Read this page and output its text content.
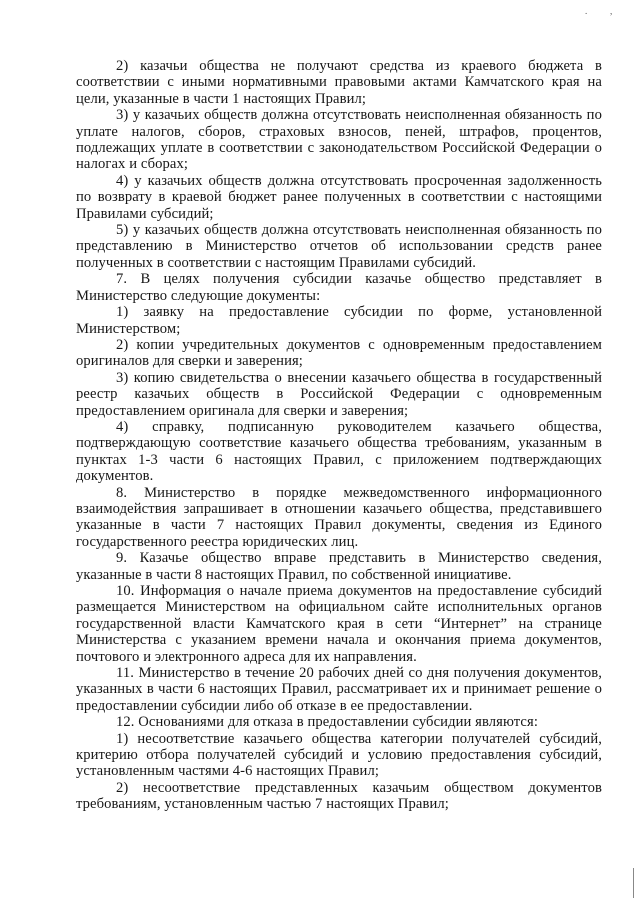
.	,

2) казачьи общества не получают средства из краевого бюджета в соответствии с иными нормативными правовыми актами Камчатского края на цели, указанные в части 1 настоящих Правил;

3) у казачьих обществ должна отсутствовать неисполненная обязанность по уплате налогов, сборов, страховых взносов, пеней, штрафов, процентов, подлежащих уплате в соответствии с законодательством Российской Федерации о налогах и сборах;

4) у казачьих обществ должна отсутствовать просроченная задолженность по возврату в краевой бюджет ранее полученных в соответствии с настоящими Правилами субсидий;

5) у казачьих обществ должна отсутствовать неисполненная обязанность по представлению в Министерство отчетов об использовании средств ранее полученных в соответствии с настоящим Правилами субсидий.

7. В целях получения субсидии казачье общество представляет в Министерство следующие документы:

1) заявку на предоставление субсидии по форме, установленной Министерством;

2) копии учредительных документов с одновременным предоставлением оригиналов для сверки и заверения;

3) копию свидетельства о внесении казачьего общества в государственный реестр казачьих обществ в Российской Федерации с одновременным предоставлением оригинала для сверки и заверения;

4) справку, подписанную руководителем казачьего общества, подтверждающую соответствие казачьего общества требованиям, указанным в пунктах 1-3 части 6 настоящих Правил, с приложением подтверждающих документов.

8. Министерство в порядке межведомственного информационного взаимодействия запрашивает в отношении казачьего общества, представившего указанные в части 7 настоящих Правил документы, сведения из Единого государственного реестра юридических лиц.

9. Казачье общество вправе представить в Министерство сведения, указанные в части 8 настоящих Правил, по собственной инициативе.

10. Информация о начале приема документов на предоставление субсидий размещается Министерством на официальном сайте исполнительных органов государственной власти Камчатского края в сети “Интернет” на странице Министерства с указанием времени начала и окончания приема документов, почтового и электронного адреса для их направления.

11. Министерство в течение 20 рабочих дней со дня получения документов, указанных в части 6 настоящих Правил, рассматривает их и принимает решение о предоставлении субсидии либо об отказе в ее предоставлении.

12. Основаниями для отказа в предоставлении субсидии являются:

1) несоответствие казачьего общества категории получателей субсидий, критерию отбора получателей субсидий и условию предоставления субсидий, установленным частями 4-6 настоящих Правил;

2) несоответствие представленных казачьим обществом документов требованиям, установленным частью 7 настоящих Правил;
